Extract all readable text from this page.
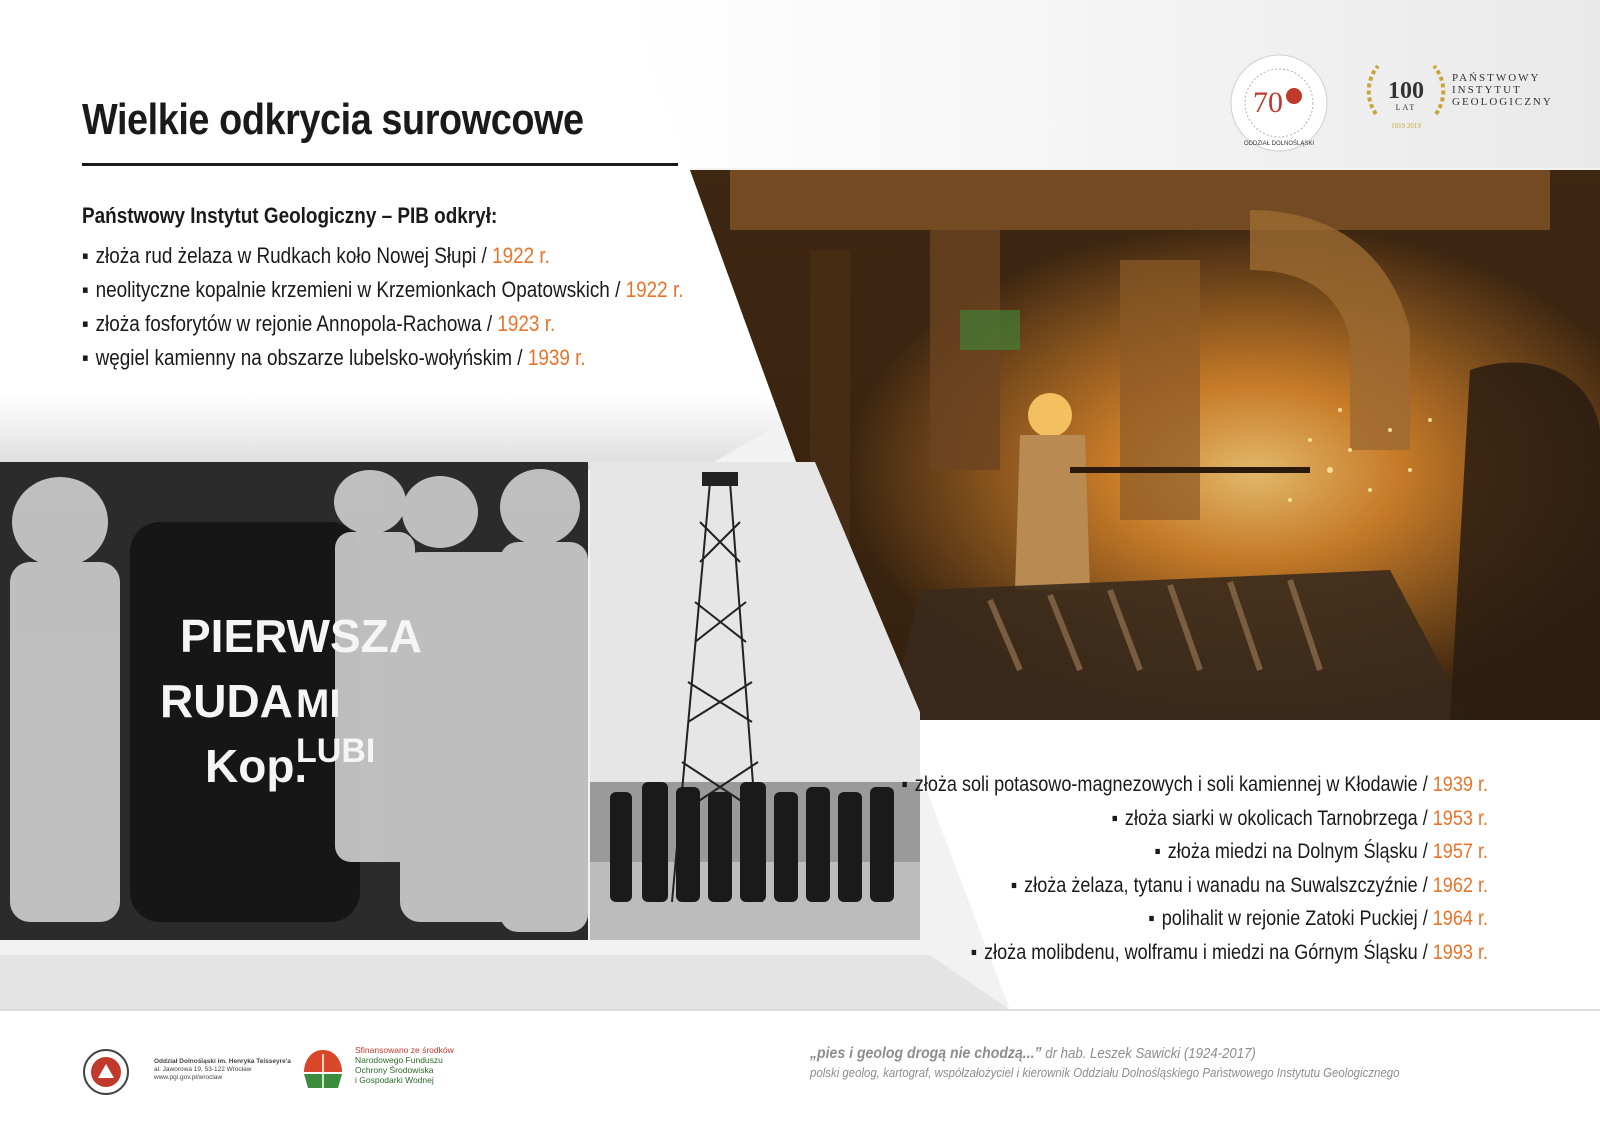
Wielkie odkrycia surowcowe
Państwowy Instytut Geologiczny – PIB odkrył:
▪ złoża rud żelaza w Rudkach koło Nowej Słupi / 1922 r.
▪ neolityczne kopalnie krzemieni w Krzemionkach Opatowskich / 1922 r.
▪ złoża fosforytów w rejonie Annopola-Rachowa / 1923 r.
▪ węgiel kamienny na obszarze lubelsko-wołyńskim / 1939 r.
70
ODDZIAŁ DOLNOŚLĄSKI
100
LAT
1919 2019
PAŃSTWOWY
INSTYTUT
GEOLOGICZNY
PIERWSZA
RUDA
Kop.
MI
LUBI
▪ złoża soli potasowo-magnezowych i soli kamiennej w Kłodawie / 1939 r.
▪ złoża siarki w okolicach Tarnobrzega / 1953 r.
▪ złoża miedzi na Dolnym Śląsku / 1957 r.
▪ złoża żelaza, tytanu i wanadu na Suwalszczyźnie / 1962 r.
▪ polihalit w rejonie Zatoki Puckiej / 1964 r.
▪ złoża molibdenu, wolframu i miedzi na Górnym Śląsku / 1993 r.
Oddział Dolnośląski im. Henryka Teisseyre'a
al. Jaworowa 19, 53-122 Wrocław
www.pgi.gov.pl/wroclaw
Sfinansowano ze środków
Narodowego Funduszu
Ochrony Środowiska
i Gospodarki Wodnej
„pies i geolog drogą nie chodzą...” dr hab. Leszek Sawicki (1924-2017)
polski geolog, kartograf, współzałożyciel i kierownik Oddziału Dolnośląskiego Państwowego Instytutu Geologicznego
